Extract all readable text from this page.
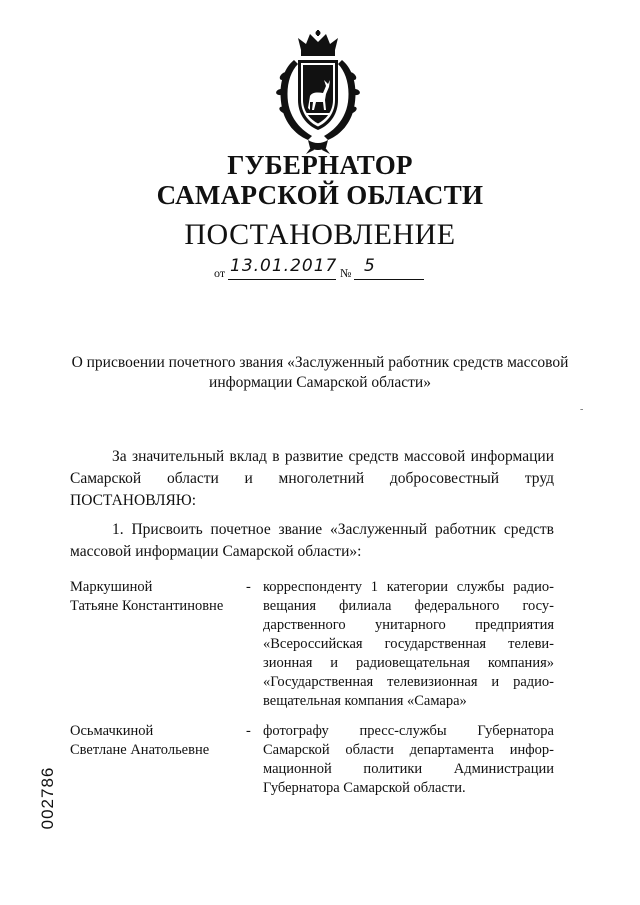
ГУБЕРНАТОР
САМАРСКОЙ ОБЛАСТИ
ПОСТАНОВЛЕНИЕ
от 13.01.2017 № 5
О присвоении почетного звания «Заслуженный работник средств массовой
информации Самарской области»
-
За значительный вклад в развитие средств массовой информации
Самарской области и многолетний добросовестный труд
ПОСТАНОВЛЯЮ:
1. Присвоить почетное звание «Заслуженный работник средств
массовой информации Самарской области»:
Маркушиной
Татьяне Константиновне
- корреспонденту 1 категории службы радио-
вещания филиала федерального госу-
дарственного унитарного предприятия
«Всероссийская государственная телеви-
зионная и радиовещательная компания»
«Государственная телевизионная и радио-
вещательная компания «Самара»
Осьмачкиной
Светлане Анатольевне
- фотографу пресс-службы Губернатора
Самарской области департамента инфор-
мационной политики Администрации
Губернатора Самарской области.
002786
